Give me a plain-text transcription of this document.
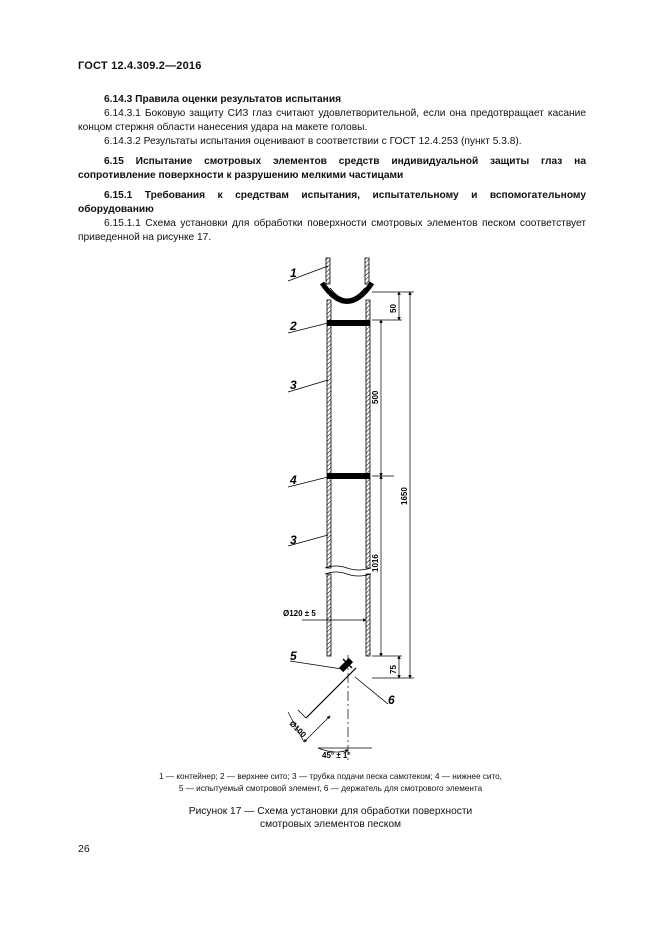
ГОСТ 12.4.309.2—2016

6.14.3 Правила оценки результатов испытания

6.14.3.1 Боковую защиту СИЗ глаз считают удовлетворительной, если она предотвращает касание концом стержня области нанесения удара на макете головы.

6.14.3.2 Результаты испытания оценивают в соответствии с ГОСТ 12.4.253 (пункт 5.3.8).

6.15 Испытание смотровых элементов средств индивидуальной защиты глаз на сопротивление поверхности к разрушению мелкими частицами

6.15.1 Требования к средствам испытания, испытательному и вспомогательному оборудованию

6.15.1.1 Схема установки для обработки поверхности смотровых элементов песком соответствует приведенной на рисунке 17.

1
2
3
4
3
5
6
50
500
1650
1016
75
Ø120 ± 5
Ø100
45° ± 1°
1 — контейнер; 2 — верхнее сито; 3 — трубка подачи песка самотеком; 4 — нижнее сито,
5 — испытуемый смотровой элемент, 6 — держатель для смотрового элемента
Рисунок 17 — Схема установки для обработки поверхности
смотровых элементов песком
26
